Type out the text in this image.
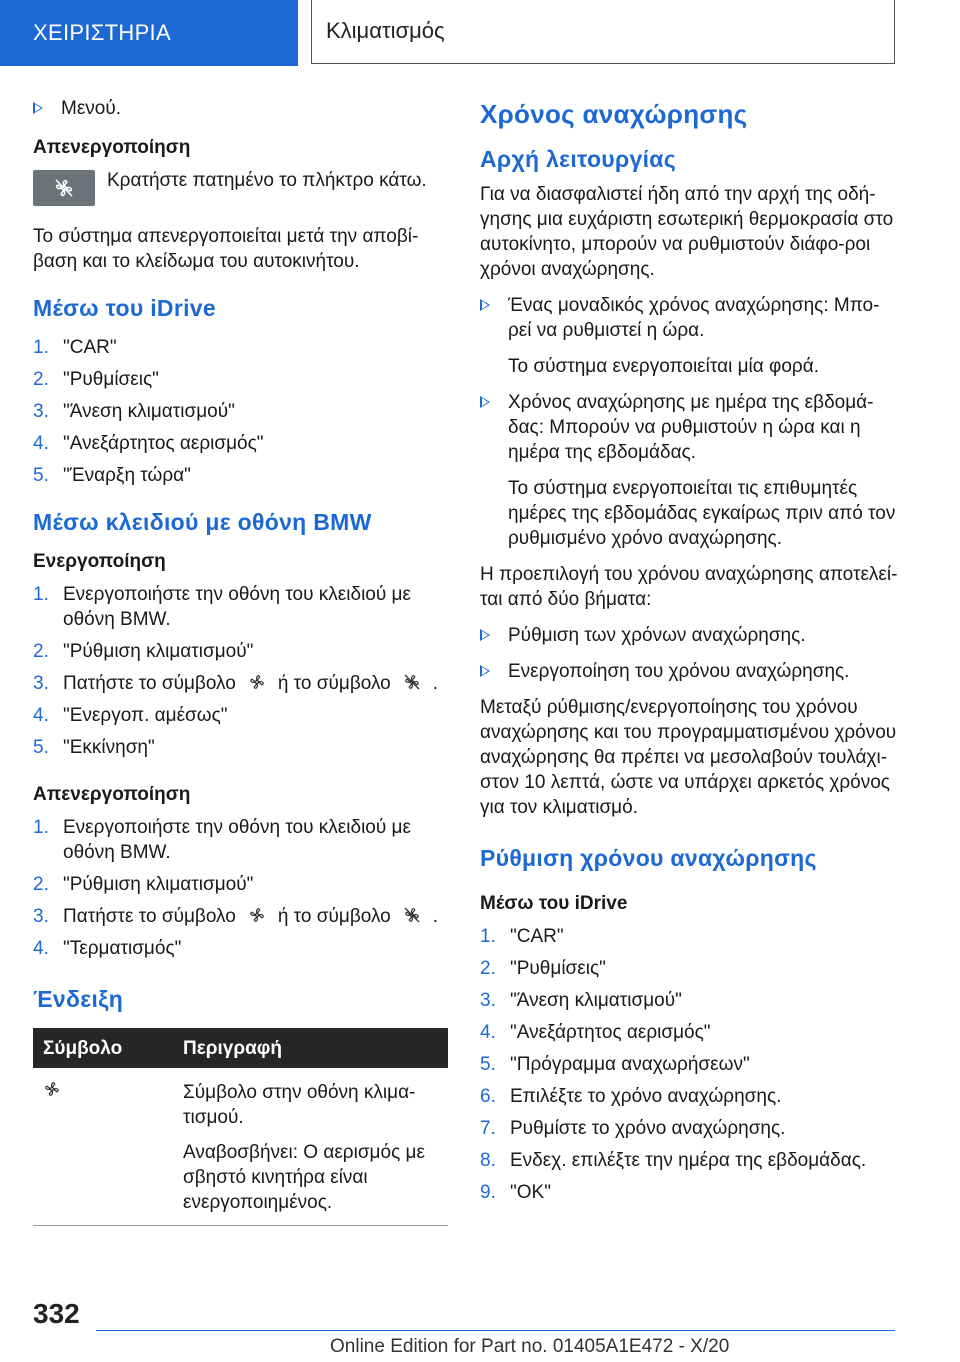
ΧΕΙΡΙΣΤΗΡΙΑ	Κλιματισμός
Μενού.
Απενεργοποίηση
Κρατήστε πατημένο το πλήκτρο κάτω.
Το σύστημα απενεργοποιείται μετά την αποβί-βαση και το κλείδωμα του αυτοκινήτου.
Μέσω του iDrive
1. "CAR"
2. "Ρυθμίσεις"
3. "Άνεση κλιματισμού"
4. "Ανεξάρτητος αερισμός"
5. "Έναρξη τώρα"
Μέσω κλειδιού με οθόνη BMW
Ενεργοποίηση
1. Ενεργοποιήστε την οθόνη του κλειδιού με οθόνη BMW.
2. "Ρύθμιση κλιματισμού"
3. Πατήστε το σύμβολο ή το σύμβολο .
4. "Ενεργοπ. αμέσως"
5. "Εκκίνηση"
Απενεργοποίηση
1. Ενεργοποιήστε την οθόνη του κλειδιού με οθόνη BMW.
2. "Ρύθμιση κλιματισμού"
3. Πατήστε το σύμβολο ή το σύμβολο .
4. "Τερματισμός"
Ένδειξη
Σύμβολο	Περιγραφή

Σύμβολο στην οθόνη κλιμα-τισμού.

Αναβοσβήνει: Ο αερισμός με σβηστό κινητήρα είναι ενεργοποιημένος.

Χρόνος αναχώρησης
Αρχή λειτουργίας
Για να διασφαλιστεί ήδη από την αρχή της οδή-γησης μια ευχάριστη εσωτερική θερμοκρασία στο αυτοκίνητο, μπορούν να ρυθμιστούν διάφο-ροι χρόνοι αναχώρησης.
Ένας μοναδικός χρόνος αναχώρησης: Μπο-ρεί να ρυθμιστεί η ώρα.
Το σύστημα ενεργοποιείται μία φορά.
Χρόνος αναχώρησης με ημέρα της εβδομά-δας: Μπορούν να ρυθμιστούν η ώρα και η ημέρα της εβδομάδας.
Το σύστημα ενεργοποιείται τις επιθυμητές ημέρες της εβδομάδας εγκαίρως πριν από τον ρυθμισμένο χρόνο αναχώρησης.
Η προεπιλογή του χρόνου αναχώρησης αποτελεί-ται από δύο βήματα:
Ρύθμιση των χρόνων αναχώρησης.
Ενεργοποίηση του χρόνου αναχώρησης.
Μεταξύ ρύθμισης/ενεργοποίησης του χρόνου αναχώρησης και του προγραμματισμένου χρόνου αναχώρησης θα πρέπει να μεσολαβούν τουλάχι-στον 10 λεπτά, ώστε να υπάρχει αρκετός χρόνος για τον κλιματισμό.
Ρύθμιση χρόνου αναχώρησης
Μέσω του iDrive
1. "CAR"
2. "Ρυθμίσεις"
3. "Άνεση κλιματισμού"
4. "Ανεξάρτητος αερισμός"
5. "Πρόγραμμα αναχωρήσεων"
6. Επιλέξτε το χρόνο αναχώρησης.
7. Ρυθμίστε το χρόνο αναχώρησης.
8. Ενδεχ. επιλέξτε την ημέρα της εβδομάδας.
9. "OK"
332
Online Edition for Part no. 01405A1E472 - X/20
